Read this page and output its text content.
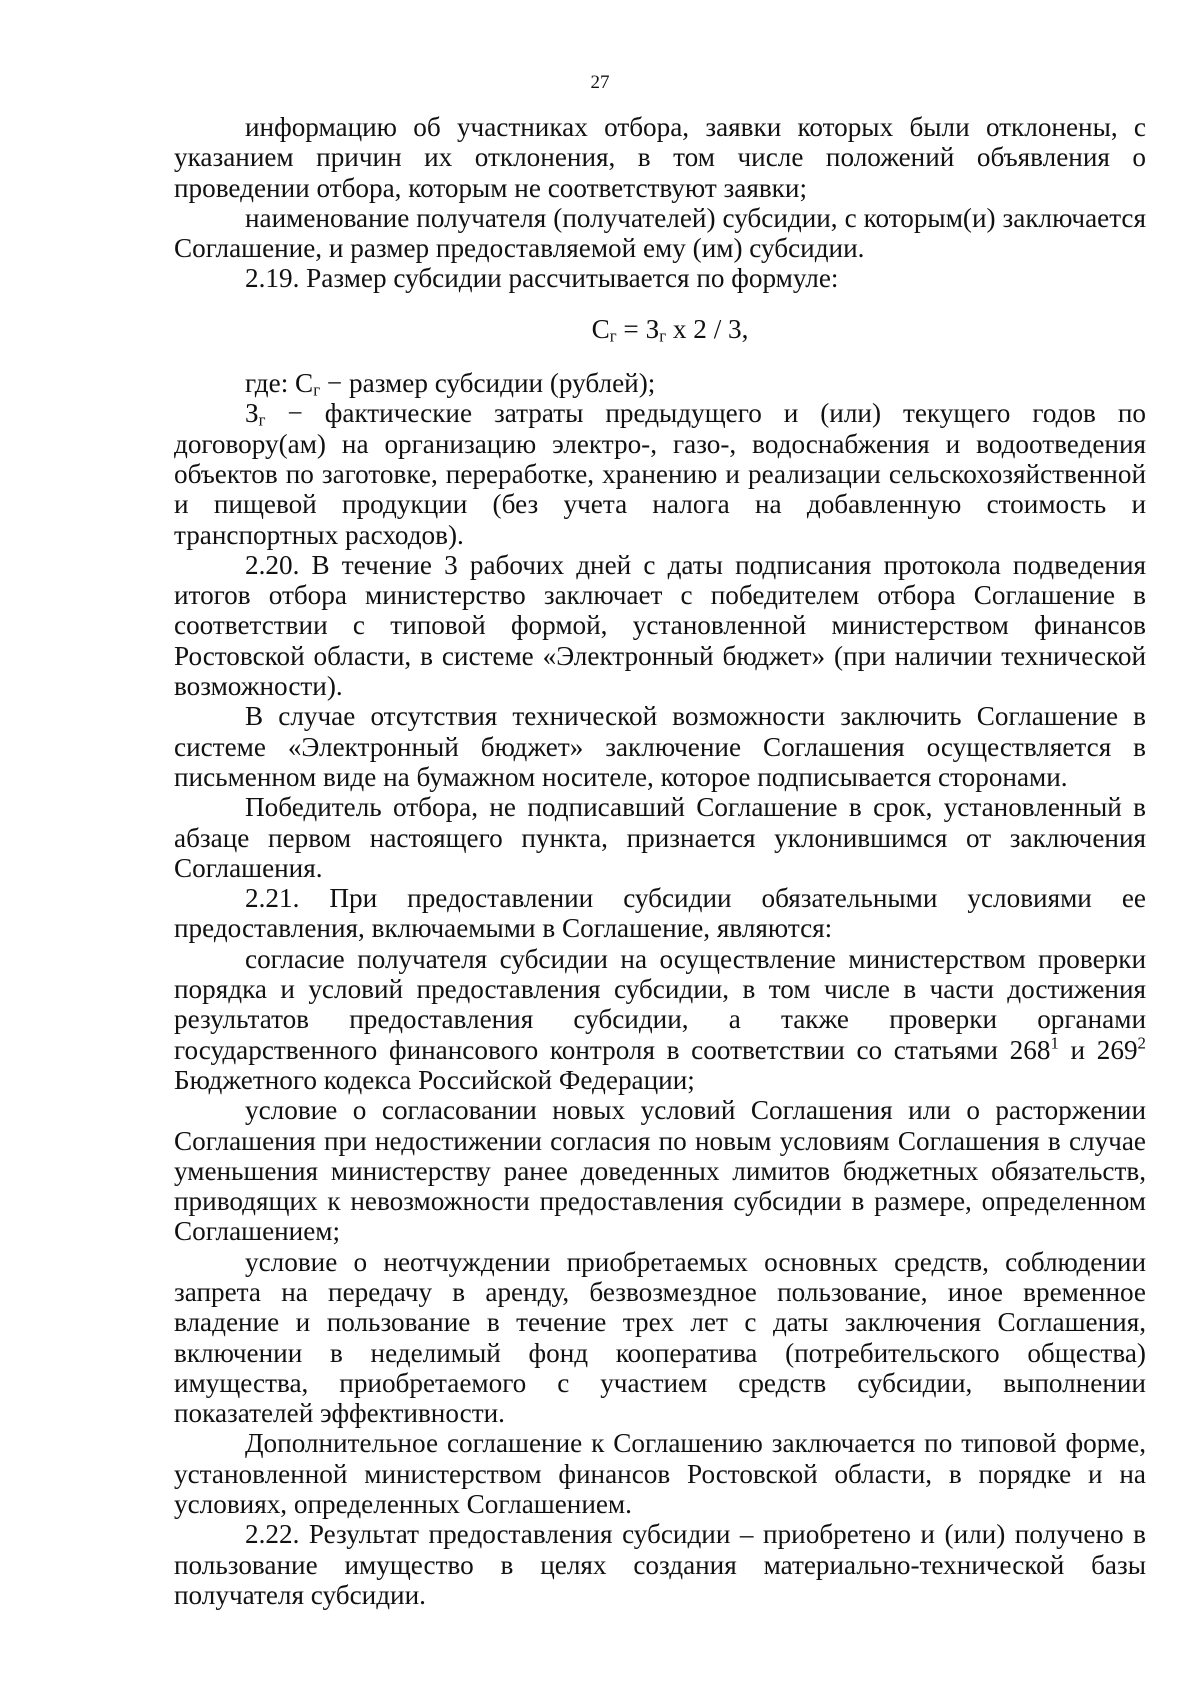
27

информацию об участниках отбора, заявки которых были отклонены, с указанием причин их отклонения, в том числе положений объявления о проведении отбора, которым не соответствуют заявки;

наименование получателя (получателей) субсидии, с которым(и) заключается Соглашение, и размер предоставляемой ему (им) субсидии.

2.19. Размер субсидии рассчитывается по формуле:

$С_г = З_г$ x 2 / 3,

где: $С_г$ − размер субсидии (рублей);

$З_г$ − фактические затраты предыдущего и (или) текущего годов по договору(ам) на организацию электро-, газо-, водоснабжения и водоотведения объектов по заготовке, переработке, хранению и реализации сельскохозяйственной и пищевой продукции (без учета налога на добавленную стоимость и транспортных расходов).

2.20. В течение 3 рабочих дней с даты подписания протокола подведения итогов отбора министерство заключает с победителем отбора Соглашение в соответствии с типовой формой, установленной министерством финансов Ростовской области, в системе «Электронный бюджет» (при наличии технической возможности).

В случае отсутствия технической возможности заключить Соглашение в системе «Электронный бюджет» заключение Соглашения осуществляется в письменном виде на бумажном носителе, которое подписывается сторонами.

Победитель отбора, не подписавший Соглашение в срок, установленный в абзаце первом настоящего пункта, признается уклонившимся от заключения Соглашения.

2.21. При предоставлении субсидии обязательными условиями ее предоставления, включаемыми в Соглашение, являются:

согласие получателя субсидии на осуществление министерством проверки порядка и условий предоставления субсидии, в том числе в части достижения результатов предоставления субсидии, а также проверки органами государственного финансового контроля в соответствии со статьями $268^1$ и $269^2$ Бюджетного кодекса Российской Федерации;

условие о согласовании новых условий Соглашения или о расторжении Соглашения при недостижении согласия по новым условиям Соглашения в случае уменьшения министерству ранее доведенных лимитов бюджетных обязательств, приводящих к невозможности предоставления субсидии в размере, определенном Соглашением;

условие о неотчуждении приобретаемых основных средств, соблюдении запрета на передачу в аренду, безвозмездное пользование, иное временное владение и пользование в течение трех лет с даты заключения Соглашения, включении в неделимый фонд кооператива (потребительского общества) имущества, приобретаемого с участием средств субсидии, выполнении показателей эффективности.

Дополнительное соглашение к Соглашению заключается по типовой форме, установленной министерством финансов Ростовской области, в порядке и на условиях, определенных Соглашением.

2.22. Результат предоставления субсидии – приобретено и (или) получено в пользование имущество в целях создания материально-технической базы получателя субсидии.
